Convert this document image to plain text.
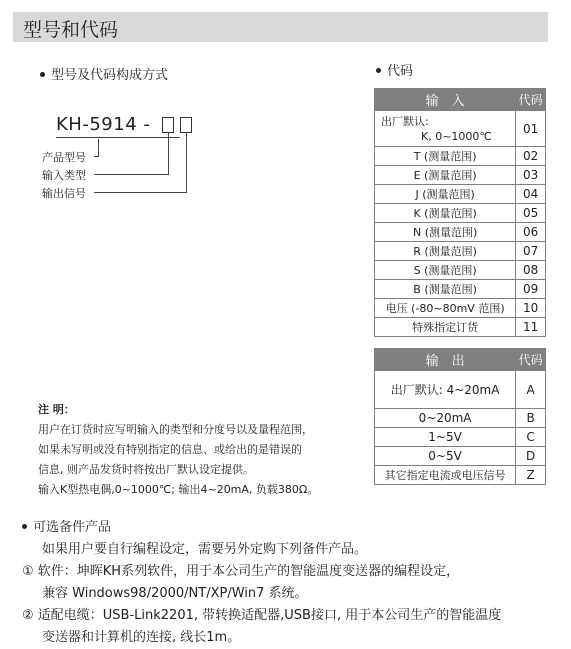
型号和代码
型号及代码构成方式	代码
KH-5914 -
产品型号
输入类型
输出信号
输　入	代码

出厂默认:
K, 0~1000℃	01
T (测量范围)	02
E (测量范围)	03
J (测量范围)	04
K (测量范围)	05
N (测量范围)	06
R (测量范围)	07
S (测量范围)	08
B (测量范围)	09
电压 (-80~80mV 范围)	10
特殊指定订货	11
输　出	代码
出厂默认: 4~20mA	A
0~20mA	B
1~5V	C
0~5V	D
其它指定电流或电压信号	Z
注 明：
用户在订货时应写明输入的类型和分度号以及量程范围，
如果未写明或没有特别指定的信息、或给出的是错误的
信息, 则产品发货时将按出厂默认设定提供。
输入K型热电偶,0~1000℃; 输出4~20mA, 负载380Ω。
可选备件产品
如果用户要自行编程设定，需要另外定购下列备件产品。
① 软件：坤晖KH系列软件，用于本公司生产的智能温度变送器的编程设定，
兼容 Windows98/2000/NT/XP/Win7 系统。
② 适配电缆：USB-Link2201, 带转换适配器,USB接口, 用于本公司生产的智能温度
变送器和计算机的连接, 线长1m。
